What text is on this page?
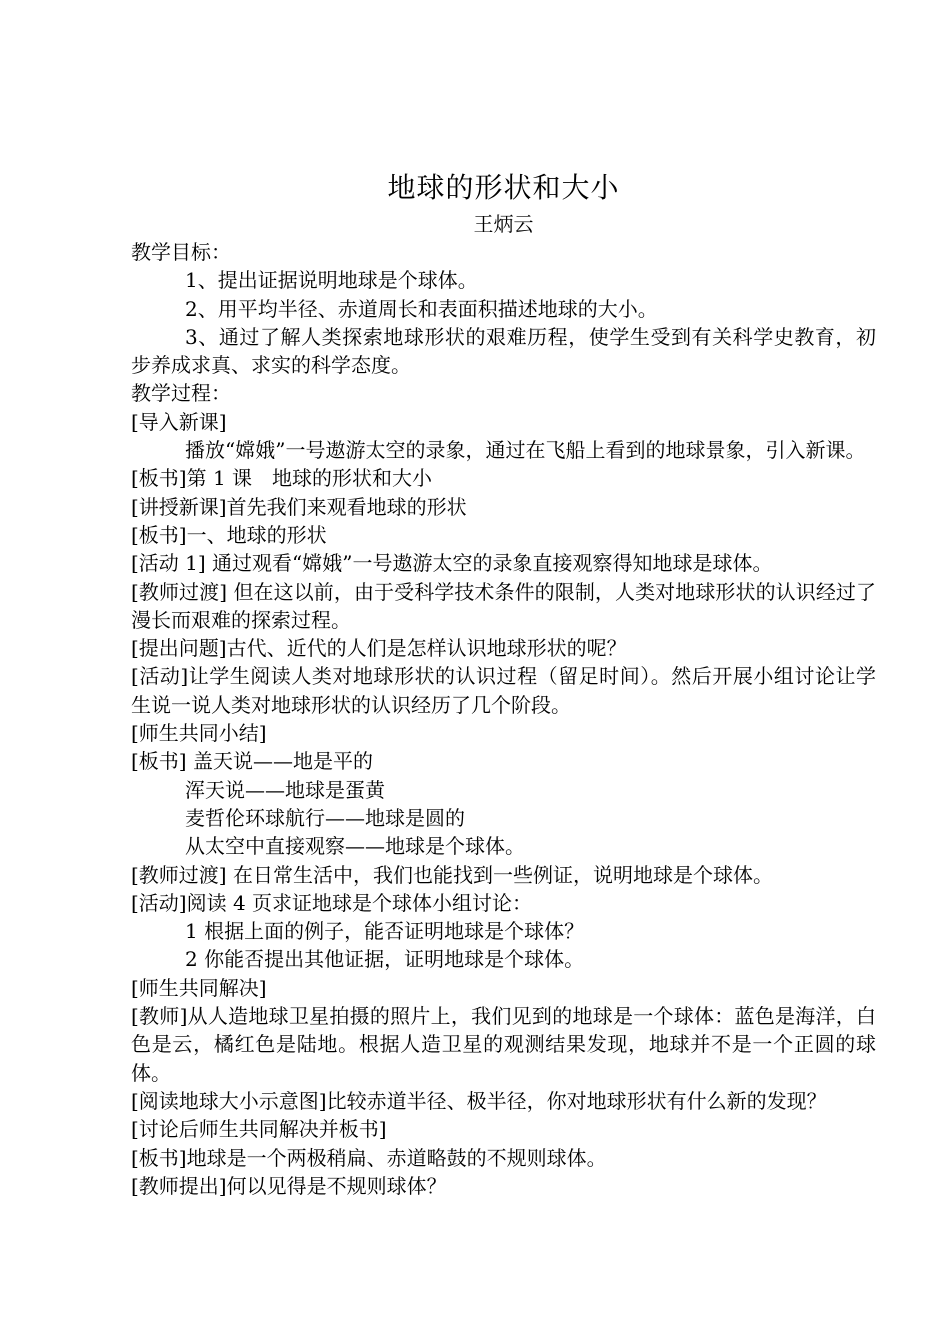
地球的形状和大小
王炳云
教学目标：
1、提出证据说明地球是个球体。
2、用平均半径、赤道周长和表面积描述地球的大小。
3、通过了解人类探索地球形状的艰难历程，使学生受到有关科学史教育，初步养成求真、求实的科学态度。
教学过程：
[导入新课]
播放“嫦娥”一号遨游太空的录象，通过在飞船上看到的地球景象，引入新课。
[板书]第 1 课　地球的形状和大小
[讲授新课]首先我们来观看地球的形状
[板书]一、地球的形状
[活动 1] 通过观看“嫦娥”一号遨游太空的录象直接观察得知地球是球体。
[教师过渡] 但在这以前，由于受科学技术条件的限制，人类对地球形状的认识经过了漫长而艰难的探索过程。
[提出问题]古代、近代的人们是怎样认识地球形状的呢？
[活动]让学生阅读人类对地球形状的认识过程（留足时间）。然后开展小组讨论让学生说一说人类对地球形状的认识经历了几个阶段。
[师生共同小结]
[板书] 盖天说——地是平的
浑天说——地球是蛋黄
麦哲伦环球航行——地球是圆的
从太空中直接观察——地球是个球体。
[教师过渡] 在日常生活中，我们也能找到一些例证，说明地球是个球体。
[活动]阅读 4 页求证地球是个球体小组讨论：
1 根据上面的例子，能否证明地球是个球体？
2 你能否提出其他证据，证明地球是个球体。
[师生共同解决]
[教师]从人造地球卫星拍摄的照片上，我们见到的地球是一个球体：蓝色是海洋，白色是云，橘红色是陆地。根据人造卫星的观测结果发现，地球并不是一个正圆的球体。
[阅读地球大小示意图]比较赤道半径、极半径，你对地球形状有什么新的发现？
[讨论后师生共同解决并板书]
[板书]地球是一个两极稍扁、赤道略鼓的不规则球体。
[教师提出]何以见得是不规则球体？
